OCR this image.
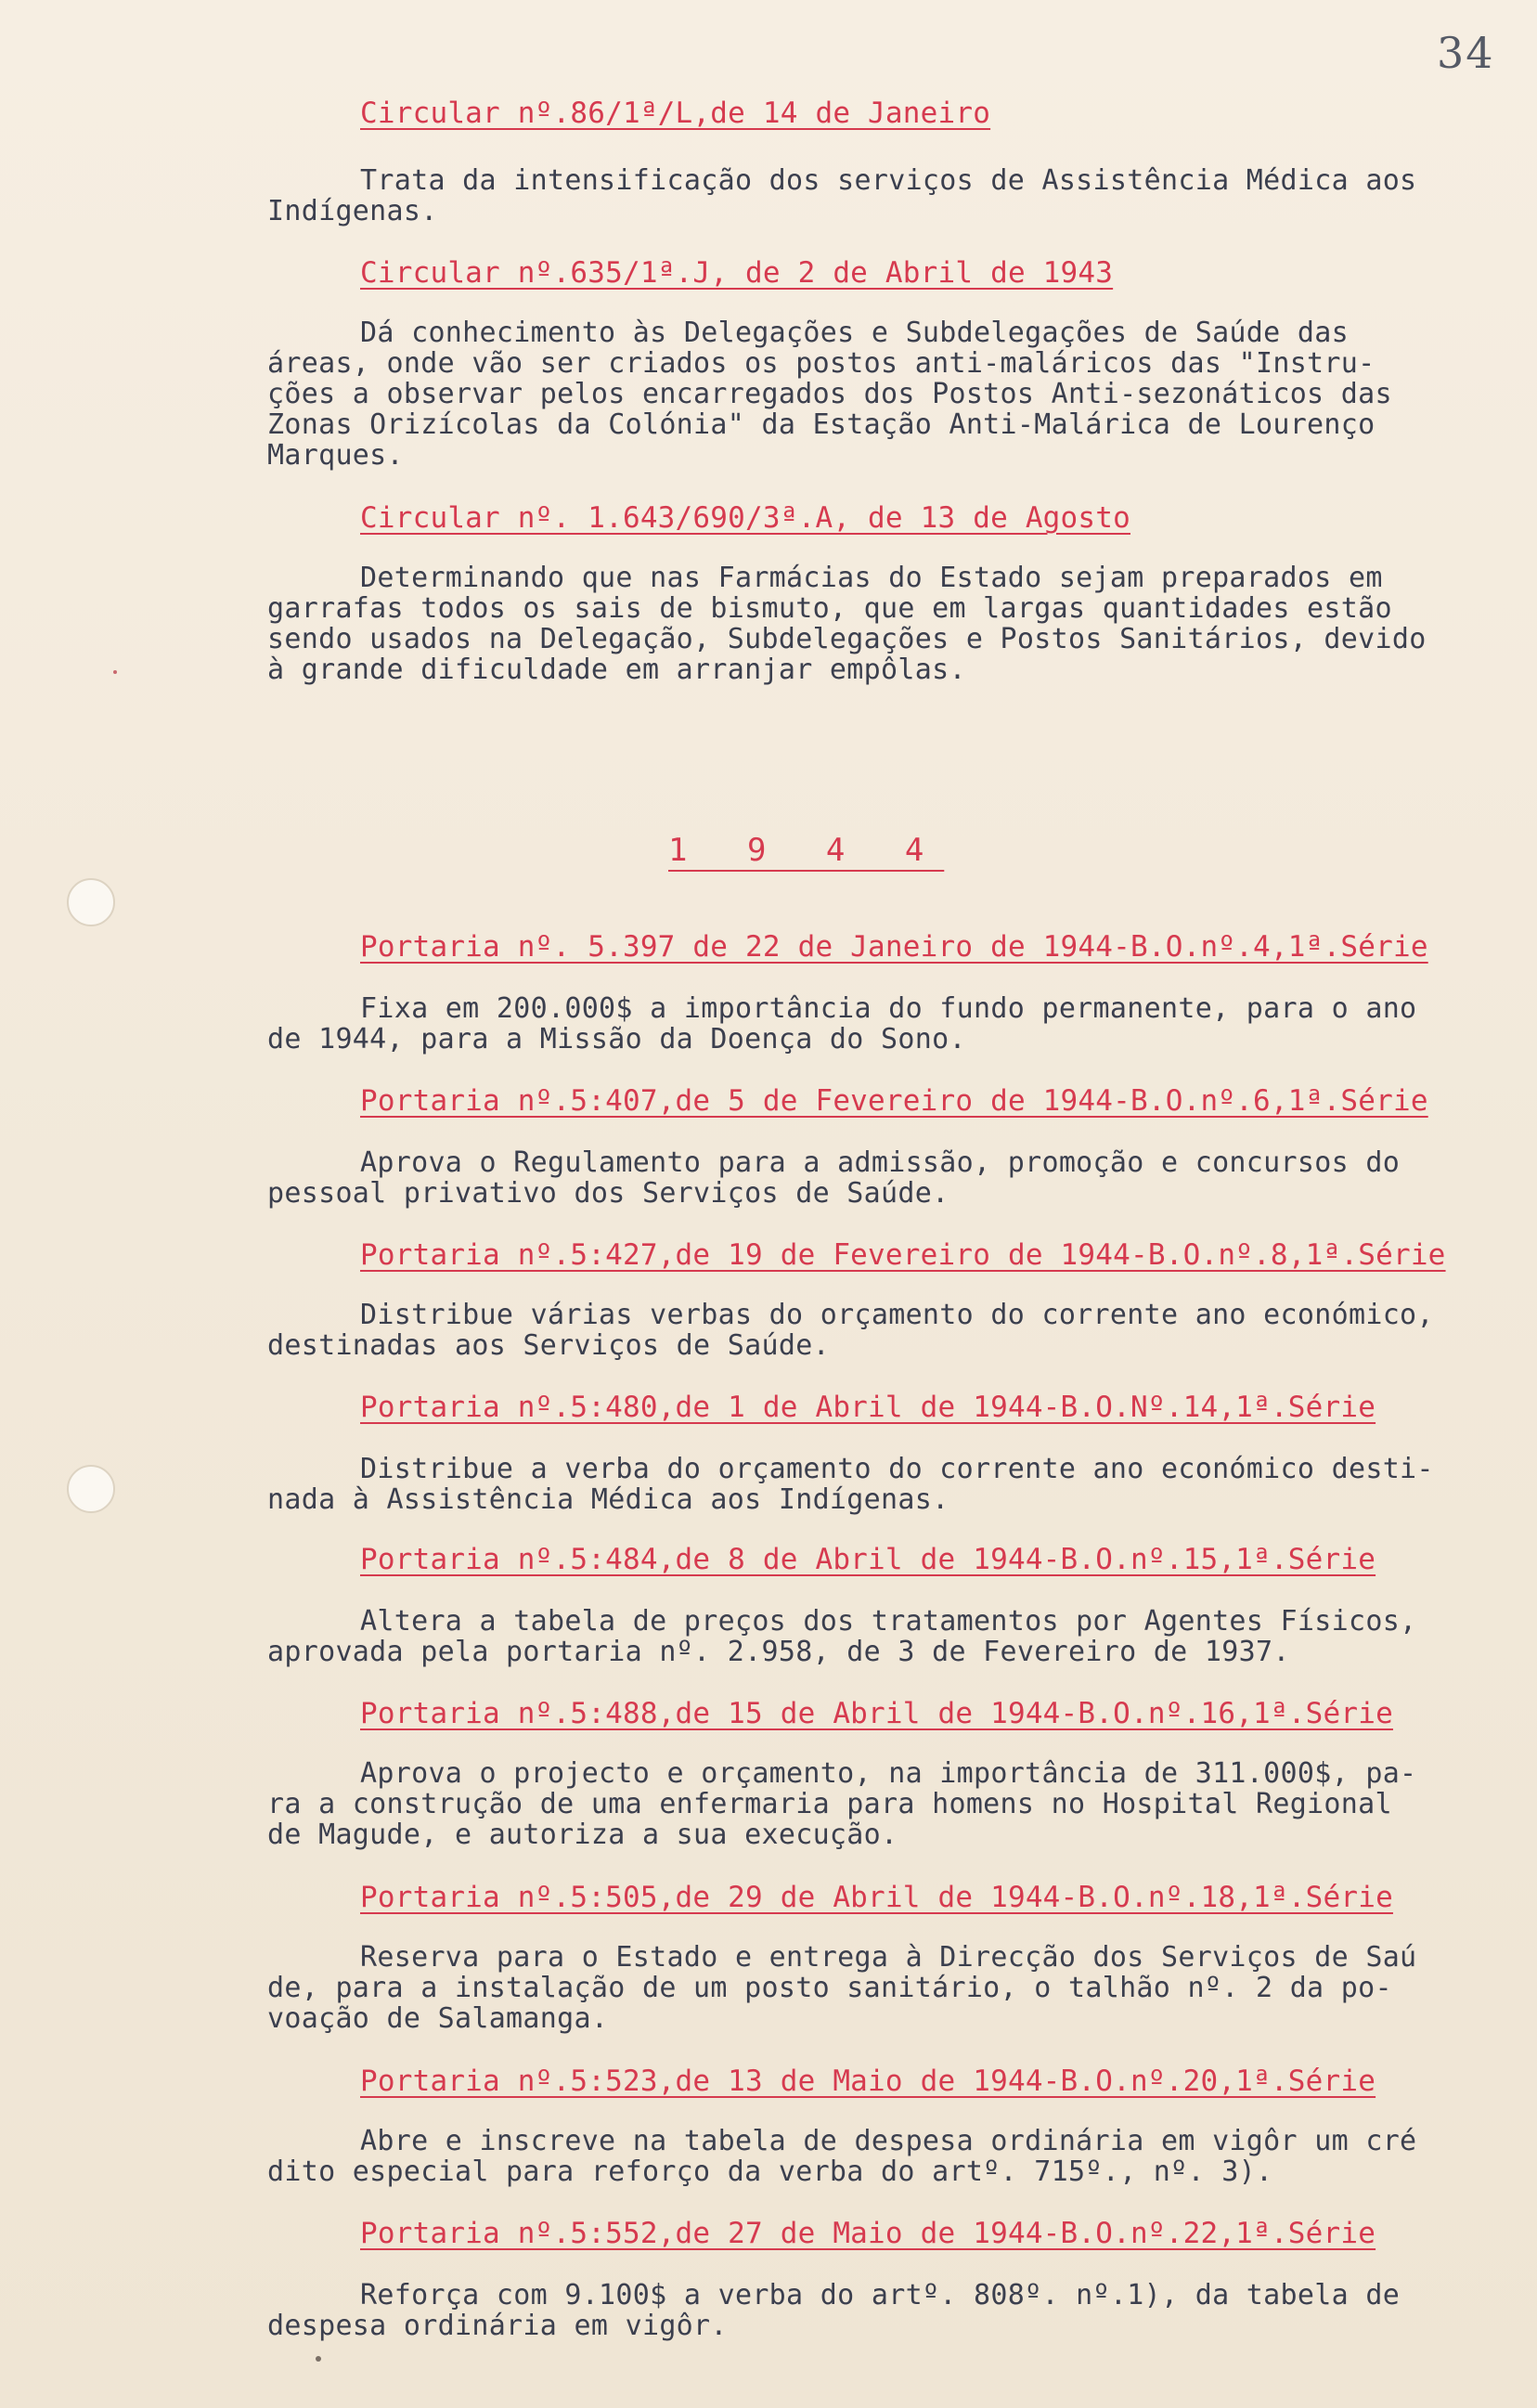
34
Circular nº.86/1ª/L,de 14 de Janeiro
Trata da intensificação dos serviços de Assistência Médica aos
Indígenas.
Circular nº.635/1ª.J, de 2 de Abril de 1943
Dá conhecimento às Delegações e Subdelegações de Saúde das
áreas, onde vão ser criados os postos anti-maláricos das "Instru-
ções a observar pelos encarregados dos Postos Anti-sezonáticos das
Zonas Orizícolas da Colónia" da Estação Anti-Malárica de Lourenço
Marques.
Circular nº. 1.643/690/3ª.A, de 13 de Agosto
Determinando que nas Farmácias do Estado sejam preparados em
garrafas todos os sais de bismuto, que em largas quantidades estão
sendo usados na Delegação, Subdelegações e Postos Sanitários, devido
à grande dificuldade em arranjar empôlas.
1 9 4 4
Portaria nº. 5.397 de 22 de Janeiro de 1944-B.O.nº.4,1ª.Série
Fixa em 200.000$ a importância do fundo permanente, para o ano
de 1944, para a Missão da Doença do Sono.
Portaria nº.5:407,de 5 de Fevereiro de 1944-B.O.nº.6,1ª.Série
Aprova o Regulamento para a admissão, promoção e concursos do
pessoal privativo dos Serviços de Saúde.
Portaria nº.5:427,de 19 de Fevereiro de 1944-B.O.nº.8,1ª.Série
Distribue várias verbas do orçamento do corrente ano económico,
destinadas aos Serviços de Saúde.
Portaria nº.5:480,de 1 de Abril de 1944-B.O.Nº.14,1ª.Série
Distribue a verba do orçamento do corrente ano económico desti-
nada à Assistência Médica aos Indígenas.
Portaria nº.5:484,de 8 de Abril de 1944-B.O.nº.15,1ª.Série
Altera a tabela de preços dos tratamentos por Agentes Físicos,
aprovada pela portaria nº. 2.958, de 3 de Fevereiro de 1937.
Portaria nº.5:488,de 15 de Abril de 1944-B.O.nº.16,1ª.Série
Aprova o projecto e orçamento, na importância de 311.000$, pa-
ra a construção de uma enfermaria para homens no Hospital Regional
de Magude, e autoriza a sua execução.
Portaria nº.5:505,de 29 de Abril de 1944-B.O.nº.18,1ª.Série
Reserva para o Estado e entrega à Direcção dos Serviços de Saú
de, para a instalação de um posto sanitário, o talhão nº. 2 da po-
voação de Salamanga.
Portaria nº.5:523,de 13 de Maio de 1944-B.O.nº.20,1ª.Série
Abre e inscreve na tabela de despesa ordinária em vigôr um cré
dito especial para reforço da verba do artº. 715º., nº. 3).
Portaria nº.5:552,de 27 de Maio de 1944-B.O.nº.22,1ª.Série
Reforça com 9.100$ a verba do artº. 808º. nº.1), da tabela de
despesa ordinária em vigôr.
